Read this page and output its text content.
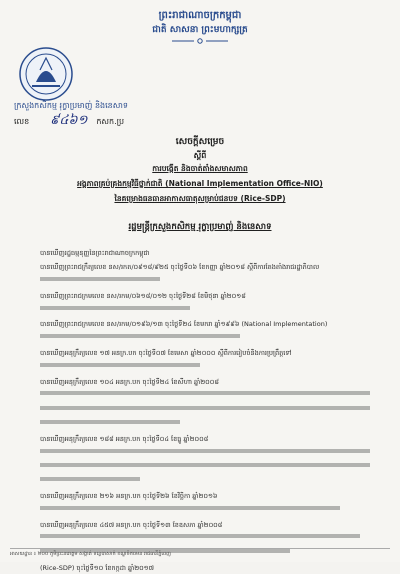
ព្រះរាជាណាចក្រកម្ពុជា
ជាតិ សាសនា ព្រះមហាក្សត្រ
ក្រសួងកសិកម្ម រុក្ខាប្រមាញ់ និងនេសាទ
លេខ	កសក.ប្រ
៩៤៦១
សេចក្តីសម្រេច
ស្តីពី
ការបង្កើត និងចាត់តាំងសមាសភាព
អង្គភាពគ្រប់គ្រងកម្មវិធីថ្នាក់ជាតិ (National Implementation Office-NIO)
នៃគម្រោងធនធានអាកាសធាតុសម្រាប់ជនបទ (Rice-SDP)
រដ្ឋមន្ត្រីក្រសួងកសិកម្ម រុក្ខាប្រមាញ់ និងនេសាទ
បានឃើញរដ្ឋធម្មនុញ្ញនៃព្រះរាជាណាចក្រកម្ពុជា
បានឃើញព្រះរាជក្រឹត្យលេខ នស/រកត/០៩១៨/៩២៥ ចុះថ្ងៃទី០៦ ខែកញ្ញា ឆ្នាំ២០១៨ ស្តីពីការតែងតាំងរាជរដ្ឋាភិបាល
បានឃើញព្រះរាជក្រមលេខ នស/រកម/០៦១៨/០១២ ចុះថ្ងៃទី២៨ ខែមិថុនា ឆ្នាំ២០១៨
បានឃើញព្រះរាជក្រមលេខ នស/រកម/០១៩៦/១៣ ចុះថ្ងៃទី២៤ ខែមករា ឆ្នាំ១៩៩៦ (National Implementation)
បានឃើញអនុក្រឹត្យលេខ ១៧ អនក្រ.បក ចុះថ្ងៃទី០៧ ខែមេសា ឆ្នាំ២០០០ ស្តីពីការរៀបចំនិងការប្រព្រឹត្តទៅ
បានឃើញអនុក្រឹត្យលេខ ១០៤ អនក្រ.បក ចុះថ្ងៃទី២៤ ខែសីហា ឆ្នាំ២០០៨
បានឃើញអនុក្រឹត្យលេខ ១៨៨ អនក្រ.បក ចុះថ្ងៃទី០៤ ខែធ្នូ ឆ្នាំ២០០៨
បានឃើញអនុក្រឹត្យលេខ ២១៦ អនក្រ.បក ចុះថ្ងៃទី២៦ ខែវិច្ឆិកា ឆ្នាំ២០១៦
បានឃើញអនុក្រឹត្យលេខ ៤៥៧ អនក្រ.បក ចុះថ្ងៃទី១៣ ខែឧសភា ឆ្នាំ២០០៨
(Rice-SDP) ចុះថ្ងៃទី១០ ខែកក្កដា ឆ្នាំ២០១៧
អាសយដ្ឋាន ៖ ២០០ ភូមិព្រះនរោត្តម សង្កាត់ ទន្លេបាសាក់ ខណ្ឌចំការមន រាជធានីភ្នំពេញ
